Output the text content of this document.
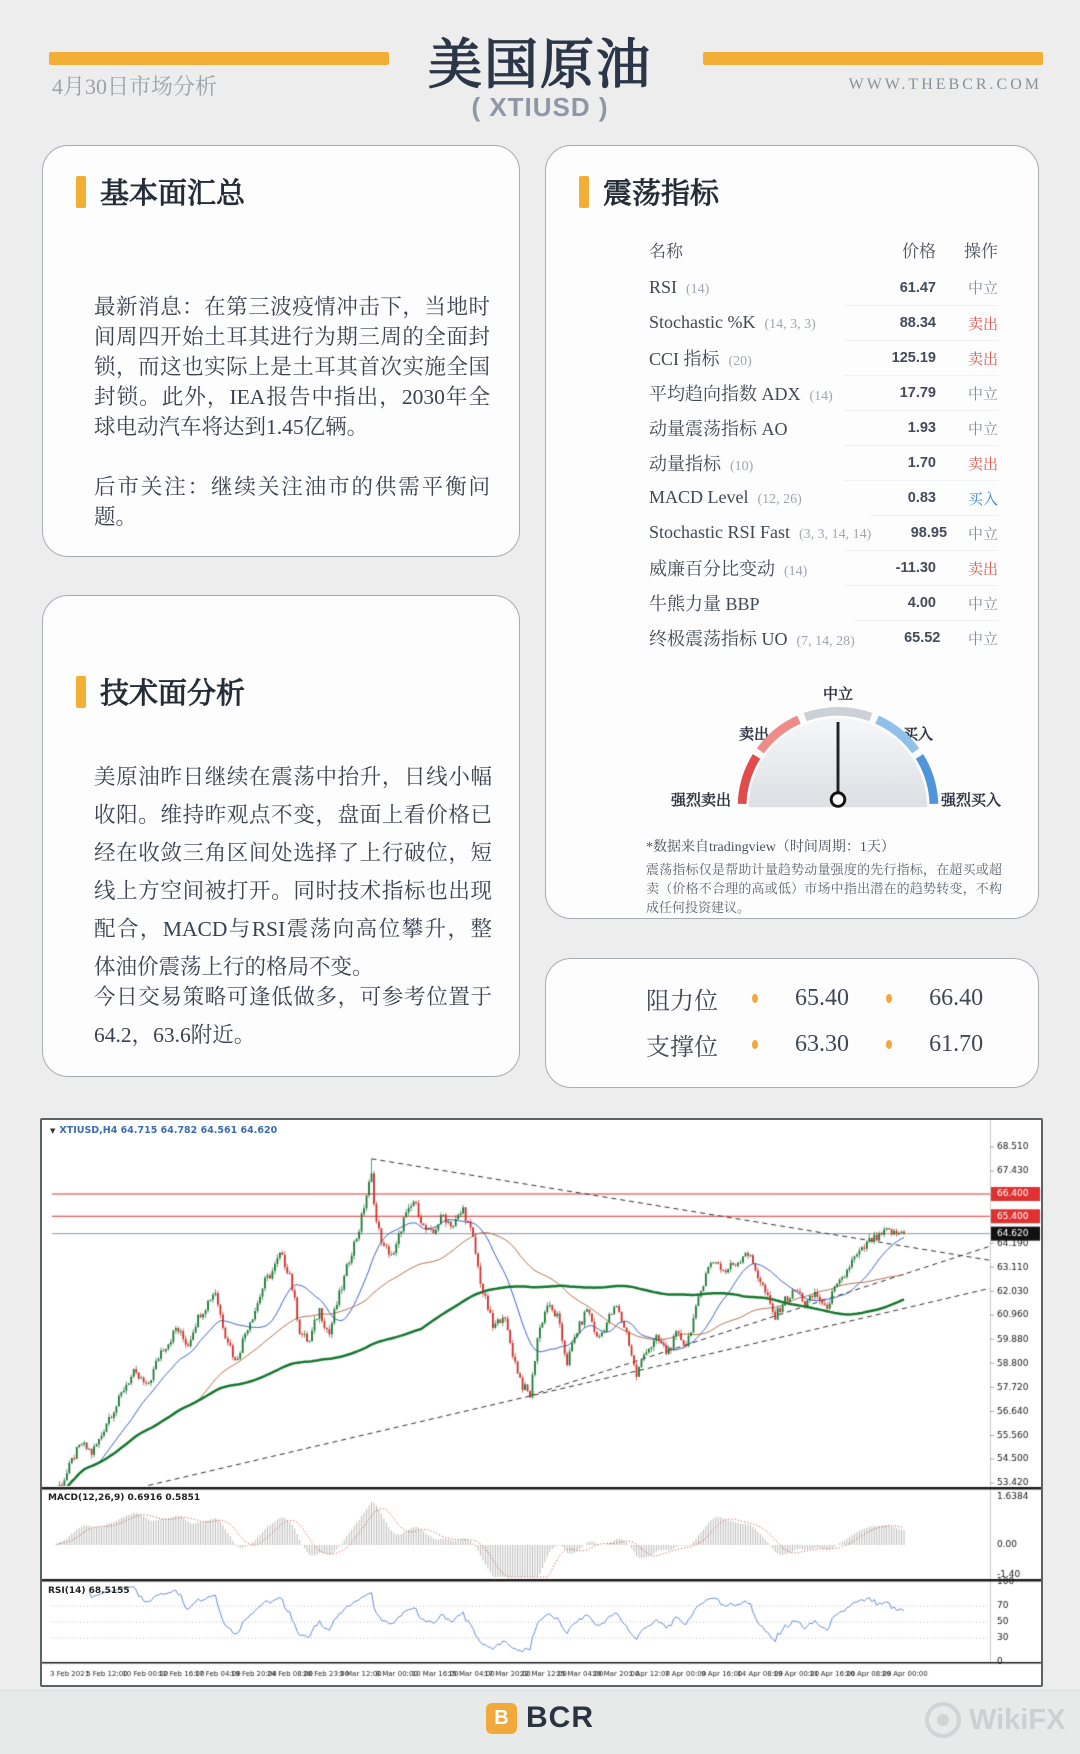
4月30日市场分析	美国原油
( XTIUSD )
WWW.THEBCR.COM
基本面汇总
最新消息：在第三波疫情冲击下，当地时间周四开始土耳其进行为期三周的全面封锁，而这也实际上是土耳其首次实施全国封锁。此外，IEA报告中指出，2030年全球电动汽车将达到1.45亿辆。
后市关注：继续关注油市的供需平衡问题。
技术面分析
美原油昨日继续在震荡中抬升，日线小幅收阳。维持昨观点不变，盘面上看价格已经在收敛三角区间处选择了上行破位，短线上方空间被打开。同时技术指标也出现配合，MACD与RSI震荡向高位攀升，整体油价震荡上行的格局不变。
今日交易策略可逢低做多，可参考位置于64.2，63.6附近。
震荡指标
名称	价格	操作
RSI (14)	61.47	中立
Stochastic %K (14, 3, 3)	88.34	卖出
CCI 指标 (20)	125.19	卖出
平均趋向指数 ADX (14)	17.79	中立
动量震荡指标 AO	1.93	中立
动量指标 (10)	1.70	卖出
MACD Level (12, 26)	0.83	买入
Stochastic RSI Fast (3, 3, 14, 14)	98.95	中立
威廉百分比变动 (14)	-11.30	卖出
牛熊力量 BBP	4.00	中立
终极震荡指标 UO (7, 14, 28)	65.52	中立
中立
卖出	买入
强烈卖出	强烈买入
*数据来自tradingview（时间周期：1天）
震荡指标仅是帮助计量趋势动量强度的先行指标，在超买或超卖（价格不合理的高或低）市场中指出潜在的趋势转变，不构成任何投资建议。
阻力位	65.40	66.40
支撑位	63.30	61.70
▼ XTIUSD,H4 64.715 64.782 64.561 64.620
MACD(12,26,9) 0.6916 0.5851
RSI(14) 68.5155
B BCR	WikiFX
